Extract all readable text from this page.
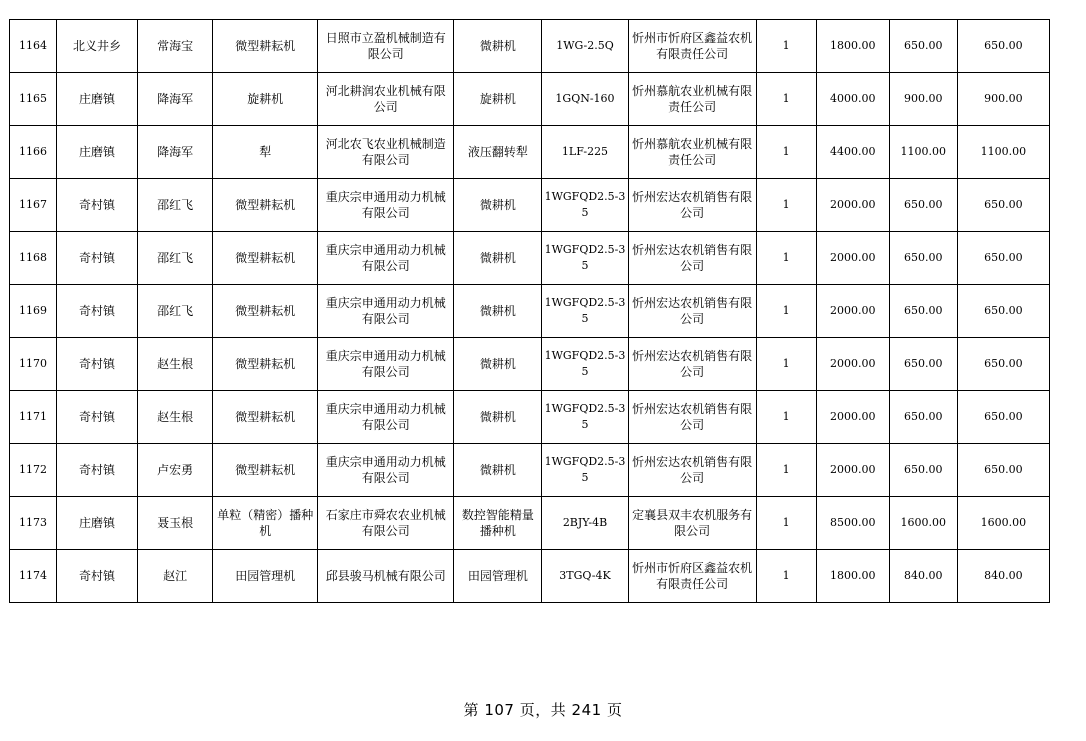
1164	北义井乡	常海宝	微型耕耘机	日照市立盈机械制造有限公司	微耕机	1WG-2.5Q	忻州市忻府区鑫益农机有限责任公司	1	1800.00	650.00	650.00
1165	庄磨镇	降海军	旋耕机	河北耕润农业机械有限公司	旋耕机	1GQN-160	忻州慕航农业机械有限责任公司	1	4000.00	900.00	900.00
1166	庄磨镇	降海军	犁	河北农飞农业机械制造有限公司	液压翻转犁	1LF-225	忻州慕航农业机械有限责任公司	1	4400.00	1100.00	1100.00
1167	奇村镇	邵红飞	微型耕耘机	重庆宗申通用动力机械有限公司	微耕机	1WGFQD2.5-35	忻州宏达农机销售有限公司	1	2000.00	650.00	650.00
1168	奇村镇	邵红飞	微型耕耘机	重庆宗申通用动力机械有限公司	微耕机	1WGFQD2.5-35	忻州宏达农机销售有限公司	1	2000.00	650.00	650.00
1169	奇村镇	邵红飞	微型耕耘机	重庆宗申通用动力机械有限公司	微耕机	1WGFQD2.5-35	忻州宏达农机销售有限公司	1	2000.00	650.00	650.00
1170	奇村镇	赵生根	微型耕耘机	重庆宗申通用动力机械有限公司	微耕机	1WGFQD2.5-35	忻州宏达农机销售有限公司	1	2000.00	650.00	650.00
1171	奇村镇	赵生根	微型耕耘机	重庆宗申通用动力机械有限公司	微耕机	1WGFQD2.5-35	忻州宏达农机销售有限公司	1	2000.00	650.00	650.00
1172	奇村镇	卢宏勇	微型耕耘机	重庆宗申通用动力机械有限公司	微耕机	1WGFQD2.5-35	忻州宏达农机销售有限公司	1	2000.00	650.00	650.00
1173	庄磨镇	聂玉根	单粒（精密）播种机	石家庄市舜农农业机械有限公司	数控智能精量播种机	2BJY-4B	定襄县双丰农机服务有限公司	1	8500.00	1600.00	1600.00
1174	奇村镇	赵江	田园管理机	邱县骏马机械有限公司	田园管理机	3TGQ-4K	忻州市忻府区鑫益农机有限责任公司	1	1800.00	840.00	840.00
第 107 页，共 241 页
